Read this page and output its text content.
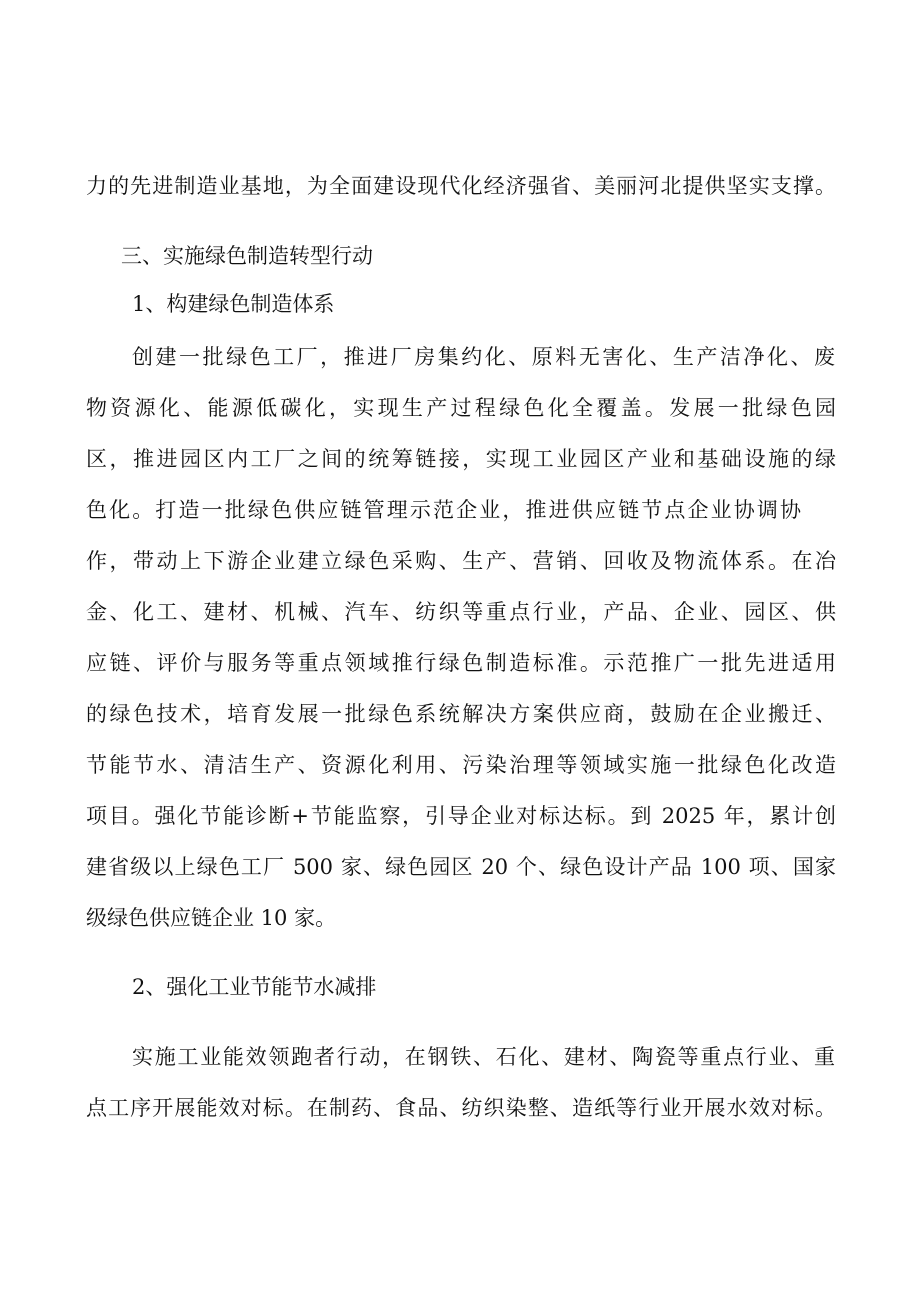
力的先进制造业基地，为全面建设现代化经济强省、美丽河北提供坚实支撑。
三、实施绿色制造转型行动
1、构建绿色制造体系
创建一批绿色工厂，推进厂房集约化、原料无害化、生产洁净化、废
物资源化、能源低碳化，实现生产过程绿色化全覆盖。发展一批绿色园
区，推进园区内工厂之间的统筹链接，实现工业园区产业和基础设施的绿
色化。打造一批绿色供应链管理示范企业，推进供应链节点企业协调协
作，带动上下游企业建立绿色采购、生产、营销、回收及物流体系。在冶
金、化工、建材、机械、汽车、纺织等重点行业，产品、企业、园区、供
应链、评价与服务等重点领域推行绿色制造标准。示范推广一批先进适用
的绿色技术，培育发展一批绿色系统解决方案供应商，鼓励在企业搬迁、
节能节水、清洁生产、资源化利用、污染治理等领域实施一批绿色化改造
项目。强化节能诊断+节能监察，引导企业对标达标。到 2025 年，累计创
建省级以上绿色工厂 500 家、绿色园区 20 个、绿色设计产品 100 项、国家
级绿色供应链企业 10 家。
2、强化工业节能节水减排
实施工业能效领跑者行动，在钢铁、石化、建材、陶瓷等重点行业、重
点工序开展能效对标。在制药、食品、纺织染整、造纸等行业开展水效对标。
